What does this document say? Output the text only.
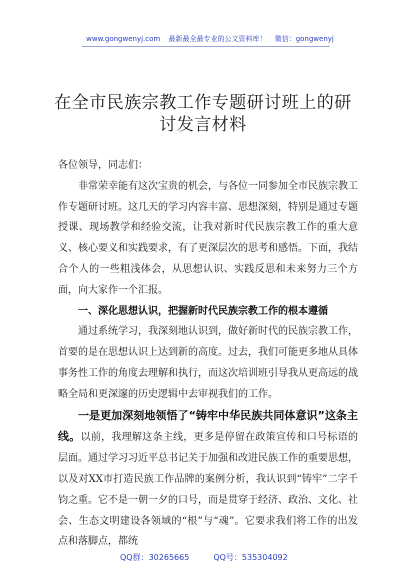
www.gongwenyj.com 最新最全最专业的公文资料库！ 微信：gongwenyj
在全市民族宗教工作专题研讨班上的研讨发言材料

各位领导，同志们：

非常荣幸能有这次宝贵的机会，与各位一同参加全市民族宗教工作专题研讨班。这几天的学习内容丰富、思想深刻，特别是通过专题授课、现场教学和经验交流，让我对新时代民族宗教工作的重大意义、核心要义和实践要求，有了更深层次的思考和感悟。下面，我结合个人的一些粗浅体会，从思想认识、实践反思和未来努力三个方面，向大家作一个汇报。

一、深化思想认识，把握新时代民族宗教工作的根本遵循

通过系统学习，我深刻地认识到，做好新时代的民族宗教工作，首要的是在思想认识上达到新的高度。过去，我们可能更多地从具体事务性工作的角度去理解和执行，而这次培训班引导我从更高远的战略全局和更深邃的历史逻辑中去审视我们的工作。

一是更加深刻地领悟了“铸牢中华民族共同体意识”这条主线。以前，我理解这条主线，更多是停留在政策宣传和口号标语的层面。通过学习习近平总书记关于加强和改进民族工作的重要思想，以及对XX市打造民族工作品牌的案例分析，我认识到“铸牢”二字千钧之重。它不是一朝一夕的口号，而是贯穿于经济、政治、文化、社会、生态文明建设各领域的“根”与“魂”。它要求我们将工作的出发点和落脚点，都统

QQ群：30265665	QQ号：535304092
